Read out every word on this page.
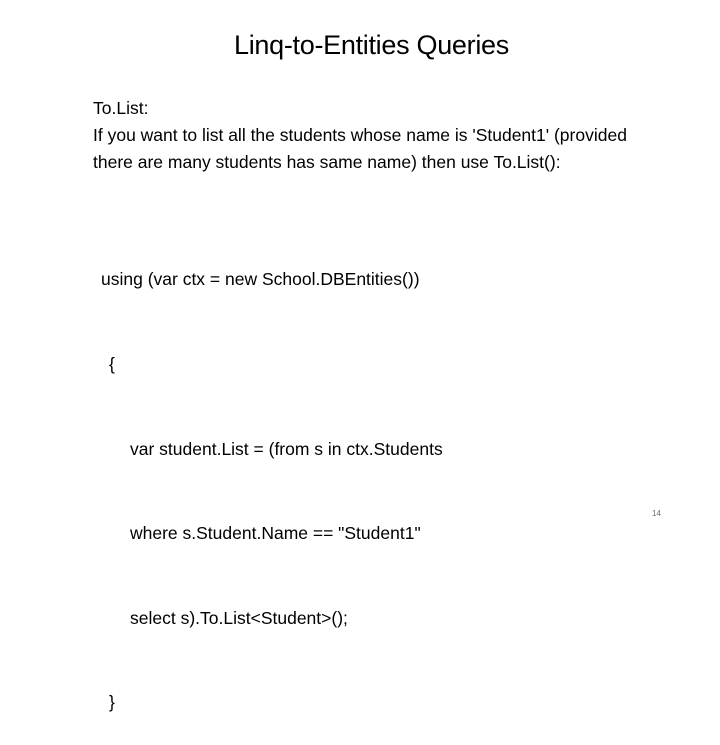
Linq-to-Entities Queries

To.List:

If you want to list all the students whose name is 'Student1' (provided

there are many students has same name) then use To.List():

using (var ctx = new School.DBEntities())

{

var student.List = (from s in ctx.Students

where s.Student.Name == "Student1"

select s).To.List<Student>();

}

14
